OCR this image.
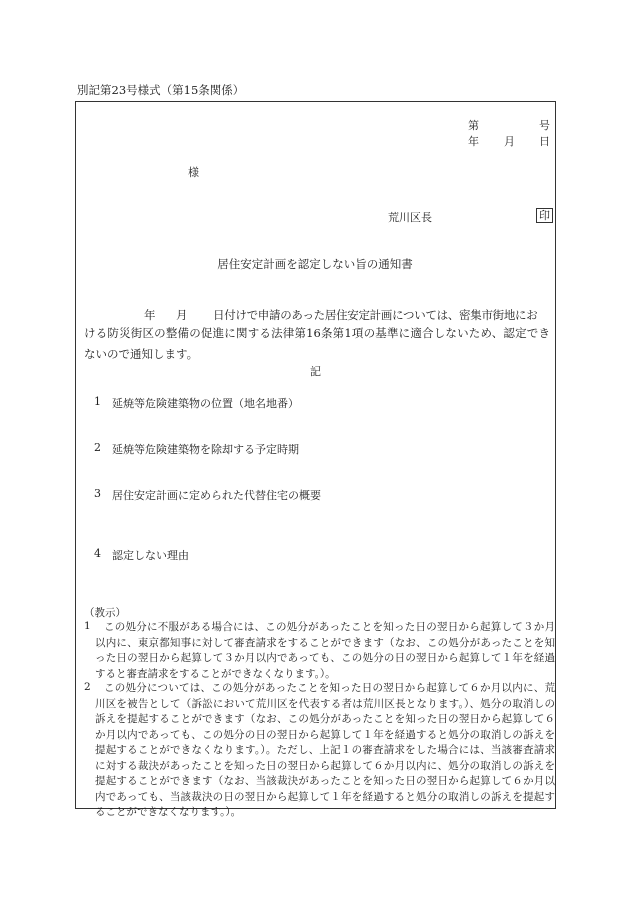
別記第23号様式（第15条関係）
第	号
年 月 日
様
荒川区長	印
居住安定計画を認定しない旨の通知書
年 月 日付けで申請のあった居住安定計画については、密集市街地にお
ける防災街区の整備の促進に関する法律第16条第1項の基準に適合しないため、認定できないので通知します。
記
1 延焼等危険建築物の位置（地名地番）
2 延焼等危険建築物を除却する予定時期
3 居住安定計画に定められた代替住宅の概要
4 認定しない理由
（教示）
1	この処分に不服がある場合には、この処分があったことを知った日の翌日から起算して３か月以内に、東京都知事に対して審査請求をすることができます（なお、この処分があったことを知った日の翌日から起算して３か月以内であっても、この処分の日の翌日から起算して１年を経過すると審査請求をすることができなくなります。）。
2	この処分については、この処分があったことを知った日の翌日から起算して６か月以内に、荒川区を被告として（訴訟において荒川区を代表する者は荒川区長となります。）、処分の取消しの訴えを提起することができます（なお、この処分があったことを知った日の翌日から起算して６か月以内であっても、この処分の日の翌日から起算して１年を経過すると処分の取消しの訴えを提起することができなくなります。）。ただし、上記１の審査請求をした場合には、当該審査請求に対する裁決があったことを知った日の翌日から起算して６か月以内に、処分の取消しの訴えを提起することができます（なお、当該裁決があったことを知った日の翌日から起算して６か月以内であっても、当該裁決の日の翌日から起算して１年を経過すると処分の取消しの訴えを提起することができなくなります。）。
